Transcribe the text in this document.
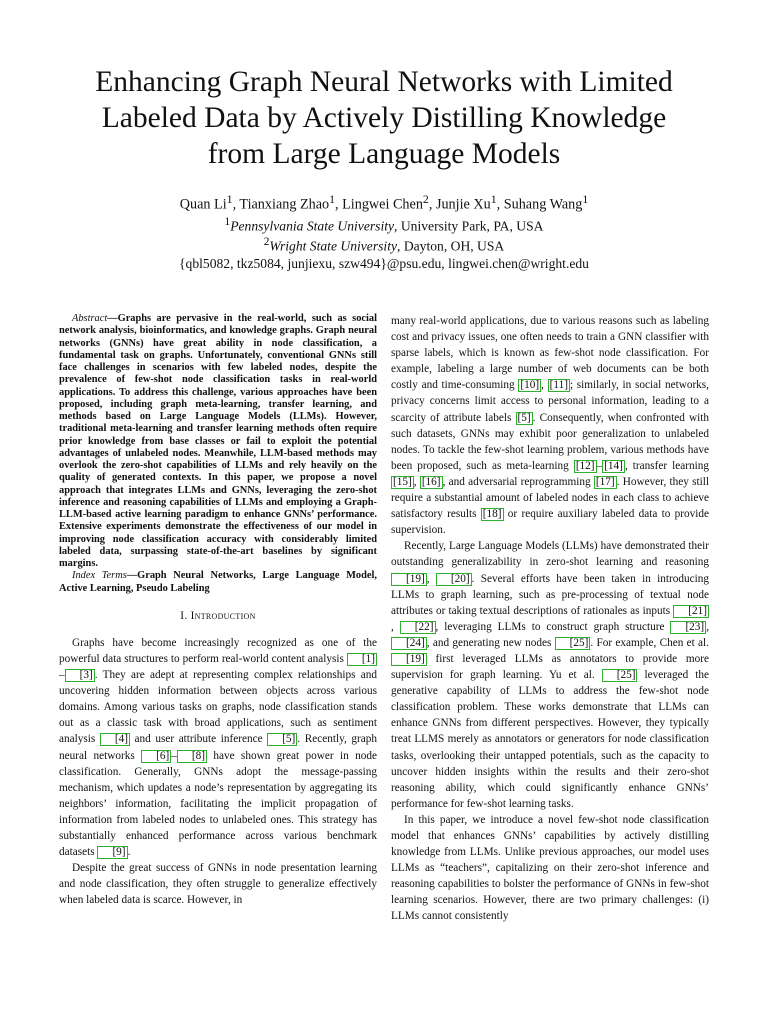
Enhancing Graph Neural Networks with Limited
Labeled Data by Actively Distilling Knowledge
from Large Language Models
Quan Li$^1$, Tianxiang Zhao$^1$, Lingwei Chen$^2$, Junjie Xu$^1$, Suhang Wang$^1$
$^1$Pennsylvania State University, University Park, PA, USA
$^2$Wright State University, Dayton, OH, USA
{qbl5082, tkz5084, junjiexu, szw494}@psu.edu, lingwei.chen@wright.edu

Abstract—Graphs are pervasive in the real-world, such as social network analysis, bioinformatics, and knowledge graphs. Graph neural networks (GNNs) have great ability in node classification, a fundamental task on graphs. Unfortunately, conventional GNNs still face challenges in scenarios with few labeled nodes, despite the prevalence of few-shot node classification tasks in real-world applications. To address this challenge, various approaches have been proposed, including graph meta-learning, transfer learning, and methods based on Large Language Models (LLMs). However, traditional meta-learning and transfer learning methods often require prior knowledge from base classes or fail to exploit the potential advantages of unlabeled nodes. Meanwhile, LLM-based methods may overlook the zero-shot capabilities of LLMs and rely heavily on the quality of generated contexts. In this paper, we propose a novel approach that integrates LLMs and GNNs, leveraging the zero-shot inference and reasoning capabilities of LLMs and employing a Graph-LLM-based active learning paradigm to enhance GNNs’ performance. Extensive experiments demonstrate the effectiveness of our model in improving node classification accuracy with considerably limited labeled data, surpassing state-of-the-art baselines by significant margins.

Index Terms—Graph Neural Networks, Large Language Model, Active Learning, Pseudo Labeling

I. Introduction

Graphs have become increasingly recognized as one of the powerful data structures to perform real-world content analysis [1]– [3] . They are adept at representing complex relationships and uncovering hidden information between objects across various domains. Among various tasks on graphs, node classification stands out as a classic task with broad applications, such as sentiment analysis [4] and user attribute inference [5] . Recently, graph neural networks [6] – [8] have shown great power in node classification. Generally, GNNs adopt the message-passing mechanism, which updates a node’s representation by aggregating its neighbors’ information, facilitating the implicit propagation of information from labeled nodes to unlabeled ones. This strategy has substantially enhanced performance across various benchmark datasets [9] .

Despite the great success of GNNs in node presentation learning and node classification, they often struggle to generalize effectively when labeled data is scarce. However, in

many real-world applications, due to various reasons such as labeling cost and privacy issues, one often needs to train a GNN classifier with sparse labels, which is known as few-shot node classification. For example, labeling a large number of web documents can be both costly and time-consuming [10] , [11] ; similarly, in social networks, privacy concerns limit access to personal information, leading to a scarcity of attribute labels [5] . Consequently, when confronted with such datasets, GNNs may exhibit poor generalization to unlabeled nodes. To tackle the few-shot learning problem, various methods have been proposed, such as meta-learning [12] – [14] , transfer learning [15] , [16] , and adversarial reprogramming [17] . However, they still require a substantial amount of labeled nodes in each class to achieve satisfactory results [18] or require auxiliary labeled data to provide supervision.

Recently, Large Language Models (LLMs) have demonstrated their outstanding generalizability in zero-shot learning and reasoning [19] , [20] . Several efforts have been taken in introducing LLMs to graph learning, such as pre-processing of textual node attributes or taking textual descriptions of rationales as inputs [21], [22] , leveraging LLMs to construct graph structure [23] , [24] , and generating new nodes [25] . For example, Chen et al. [19] first leveraged LLMs as annotators to provide more supervision for graph learning. Yu et al. [25] leveraged the generative capability of LLMs to address the few-shot node classification problem. These works demonstrate that LLMs can enhance GNNs from different perspectives. However, they typically treat LLMS merely as annotators or generators for node classification tasks, overlooking their untapped potentials, such as the capacity to uncover hidden insights within the results and their zero-shot reasoning ability, which could significantly enhance GNNs’ performance for few-shot learning tasks.

In this paper, we introduce a novel few-shot node classification model that enhances GNNs’ capabilities by actively distilling knowledge from LLMs. Unlike previous approaches, our model uses LLMs as “teachers”, capitalizing on their zero-shot inference and reasoning capabilities to bolster the performance of GNNs in few-shot learning scenarios. However, there are two primary challenges: (i) LLMs cannot consistently
